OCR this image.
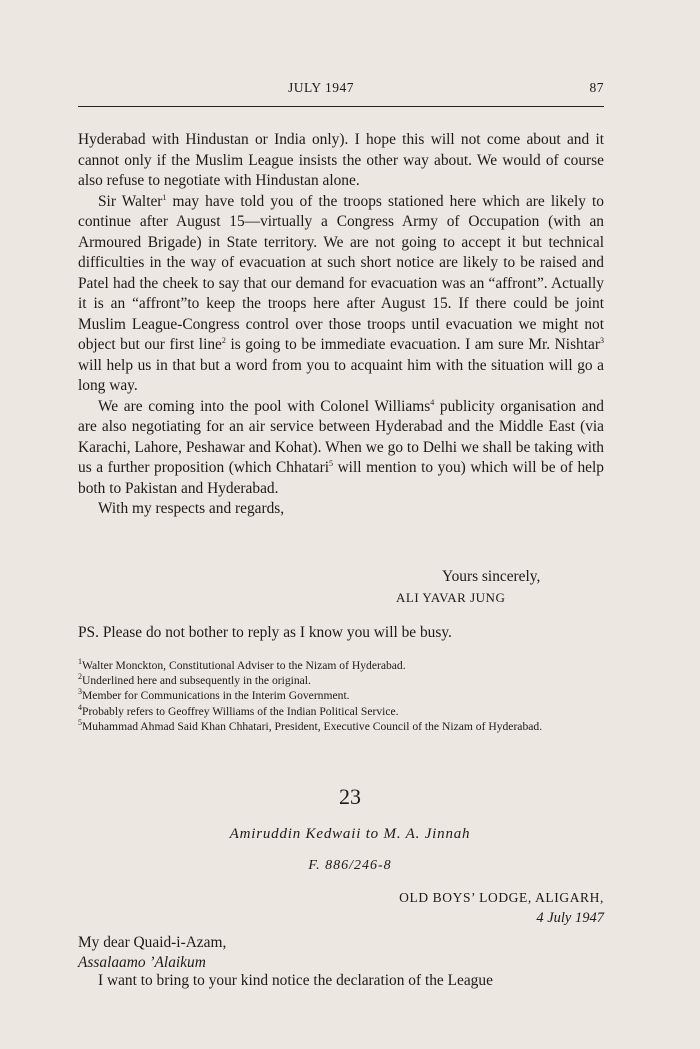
JULY 1947	87

Hyderabad with Hindustan or India only). I hope this will not come about and it cannot only if the Muslim League insists the other way about. We would of course also refuse to negotiate with Hindustan alone.

Sir Walter$^1$ may have told you of the troops stationed here which are likely to continue after August 15—virtually a Congress Army of Occupation (with an Armoured Brigade) in State territory. We are not going to accept it but technical difficulties in the way of evacuation at such short notice are likely to be raised and Patel had the cheek to say that our demand for evacuation was an “affront”. Actually it is an “affront”to keep the troops here after August 15. If there could be joint Muslim League-Congress control over those troops until evacuation we might not object but our first line$^2$ is going to be immediate evacuation. I am sure Mr. Nishtar$^3$ will help us in that but a word from you to acquaint him with the situation will go a long way.

We are coming into the pool with Colonel Williams$^4$ publicity organisation and are also negotiating for an air service between Hyderabad and the Middle East (via Karachi, Lahore, Peshawar and Kohat). When we go to Delhi we shall be taking with us a further proposition (which Chhatari$^5$ will mention to you) which will be of help both to Pakistan and Hyderabad.

With my respects and regards,

Yours sincerely,
ALI YAVAR JUNG
PS. Please do not bother to reply as I know you will be busy.

$^1$Walter Monckton, Constitutional Adviser to the Nizam of Hyderabad.

$^2$Underlined here and subsequently in the original.

$^3$Member for Communications in the Interim Government.

$^4$Probably refers to Geoffrey Williams of the Indian Political Service.

$^5$Muhammad Ahmad Said Khan Chhatari, President, Executive Council of the Nizam of Hyderabad.

23
Amiruddin Kedwaii to M. A. Jinnah
F. 886/246-8
OLD BOYS’ LODGE, ALIGARH,
4 July 1947
My dear Quaid-i-Azam,
Assalaamo ’Alaikum
I want to bring to your kind notice the declaration of the League
